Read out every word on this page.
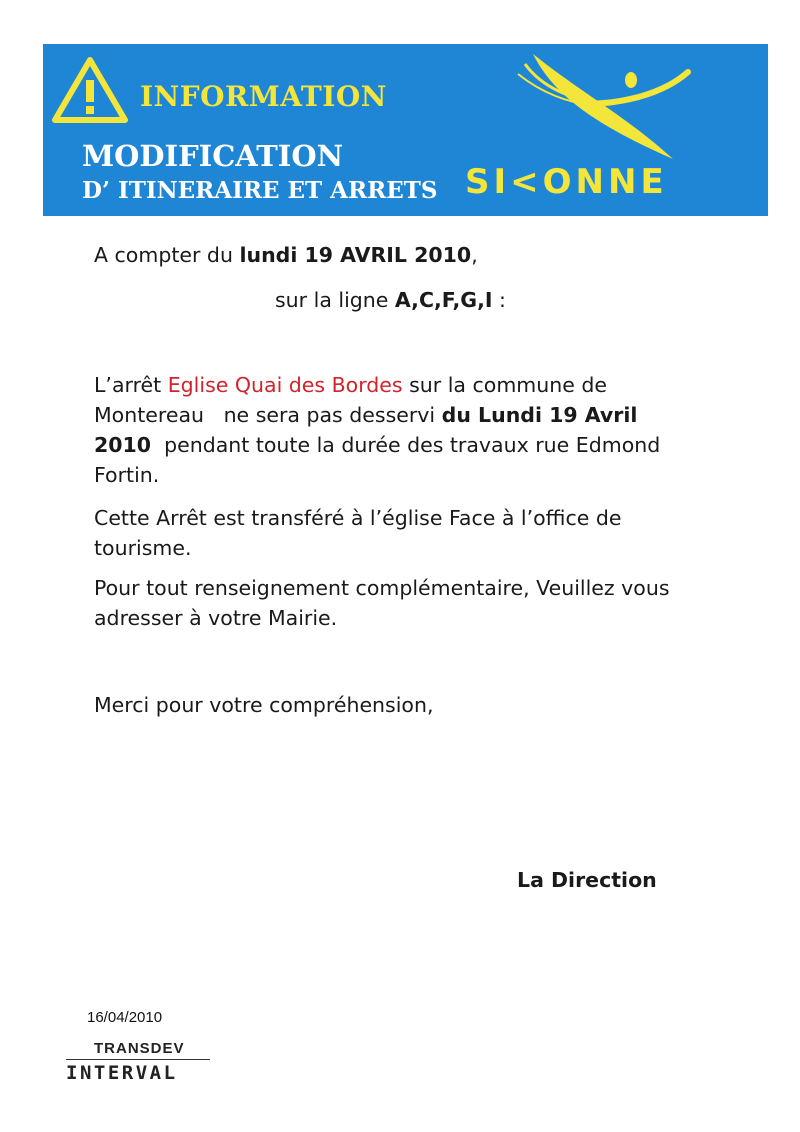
INFORMATION
MODIFICATION
D’ ITINERAIRE ET ARRETS SI<ONNE

A compter du lundi 19 AVRIL 2010,

sur la ligne A,C,F,G,I :

L’arrêt Eglise Quai des Bordes sur la commune de
Montereau   ne sera pas desservi du Lundi 19 Avril
2010  pendant toute la durée des travaux rue Edmond
Fortin.
Cette Arrêt est transféré à l’église Face à l’office de
tourisme.
Pour tout renseignement complémentaire, Veuillez vous
adresser à votre Mairie.

Merci pour votre compréhension,

La Direction

16/04/2010
TRANSDEV
INTERVAL
